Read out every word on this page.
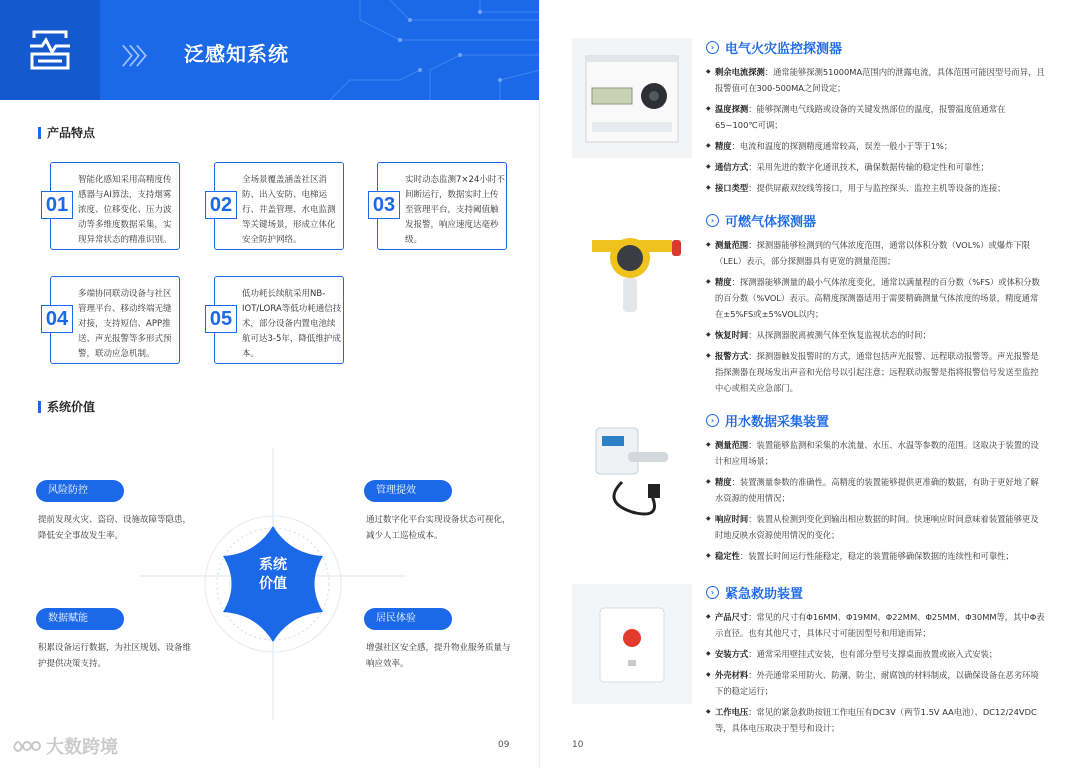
〉〉〉 泛感知系统
产品特点
01
智能化感知采用高精度传感器与AI算法，支持烟雾浓度、位移变化、压力波动等多维度数据采集，实现异常状态的精准识别。
02
全场景覆盖涵盖社区消防、出入安防、电梯运行、井盖管理、水电监测等关键场景，形成立体化安全防护网络。
03
实时动态监测7×24小时不间断运行，数据实时上传至管理平台，支持阈值触发报警，响应速度达毫秒级。
04
多端协同联动设备与社区管理平台、移动终端无缝对接，支持短信、APP推送、声光报警等多形式预警，联动应急机制。
05
低功耗长续航采用NB-IOT/LORA等低功耗通信技术，部分设备内置电池续航可达3-5年，降低维护成本。
系统价值
系统
价值
风险防控
提前发现火灾、盗窃、设施故障等隐患，降低安全事故发生率。
管理提效
通过数字化平台实现设备状态可视化，减少人工巡检成本。
数据赋能
积累设备运行数据，为社区规划、设备维护提供决策支持。
居民体验
增强社区安全感，提升物业服务质量与响应效率。
大数跨境	09	10
› 电气火灾监控探测器
◆ 剩余电流探测：通常能够探测51000MA范围内的泄露电流，具体范围可能因型号而异，且报警值可在300-500MA之间设定；
◆ 温度探测：能够探测电气线路或设备的关键发热部位的温度，报警温度值通常在65~100℃可调；
◆ 精度：电流和温度的探测精度通常较高，误差一般小于等于1%；
◆ 通信方式：采用先进的数字化通讯技术，确保数据传输的稳定性和可靠性；
◆ 接口类型：提供屏蔽双绞线等接口，用于与监控探头、监控主机等设备的连接；
› 可燃气体探测器
◆ 测量范围：探测器能够检测到的气体浓度范围，通常以体积分数（VOL%）或爆炸下限（LEL）表示，部分探测器具有更宽的测量范围；
◆ 精度：探测器能够测量的最小气体浓度变化，通常以满量程的百分数（%FS）或体积分数的百分数（%VOL）表示。高精度探测器适用于需要精确测量气体浓度的场景，精度通常在±5%FS或±5%VOL以内；
◆ 恢复时间：从探测器脱离被测气体至恢复监视状态的时间；
◆ 报警方式：探测器触发报警时的方式，通常包括声光报警、远程联动报警等。声光报警是指探测器在现场发出声音和光信号以引起注意；远程联动报警是指将报警信号发送至监控中心或相关应急部门。
› 用水数据采集装置
◆ 测量范围：装置能够监测和采集的水流量、水压、水温等参数的范围。这取决于装置的设计和应用场景；
◆ 精度：装置测量参数的准确性。高精度的装置能够提供更准确的数据，有助于更好地了解水资源的使用情况；
◆ 响应时间：装置从检测到变化到输出相应数据的时间。快速响应时间意味着装置能够更及时地反映水资源使用情况的变化；
◆ 稳定性：装置长时间运行性能稳定，稳定的装置能够确保数据的连续性和可靠性；
› 紧急救助装置
◆ 产品尺寸：常见的尺寸有Φ16MM、Φ19MM、Φ22MM、Φ25MM、Φ30MM等，其中Φ表示直径。也有其他尺寸，具体尺寸可能因型号和用途而异；
◆ 安装方式：通常采用壁挂式安装，也有部分型号支撑桌面放置或嵌入式安装；
◆ 外壳材料：外壳通常采用防火、防潮、防尘、耐腐蚀的材料制成，以确保设备在恶劣环境下的稳定运行；
◆ 工作电压：常见的紧急救助按钮工作电压有DC3V（两节1.5V AA电池）、DC12/24VDC等，具体电压取决于型号和设计；
